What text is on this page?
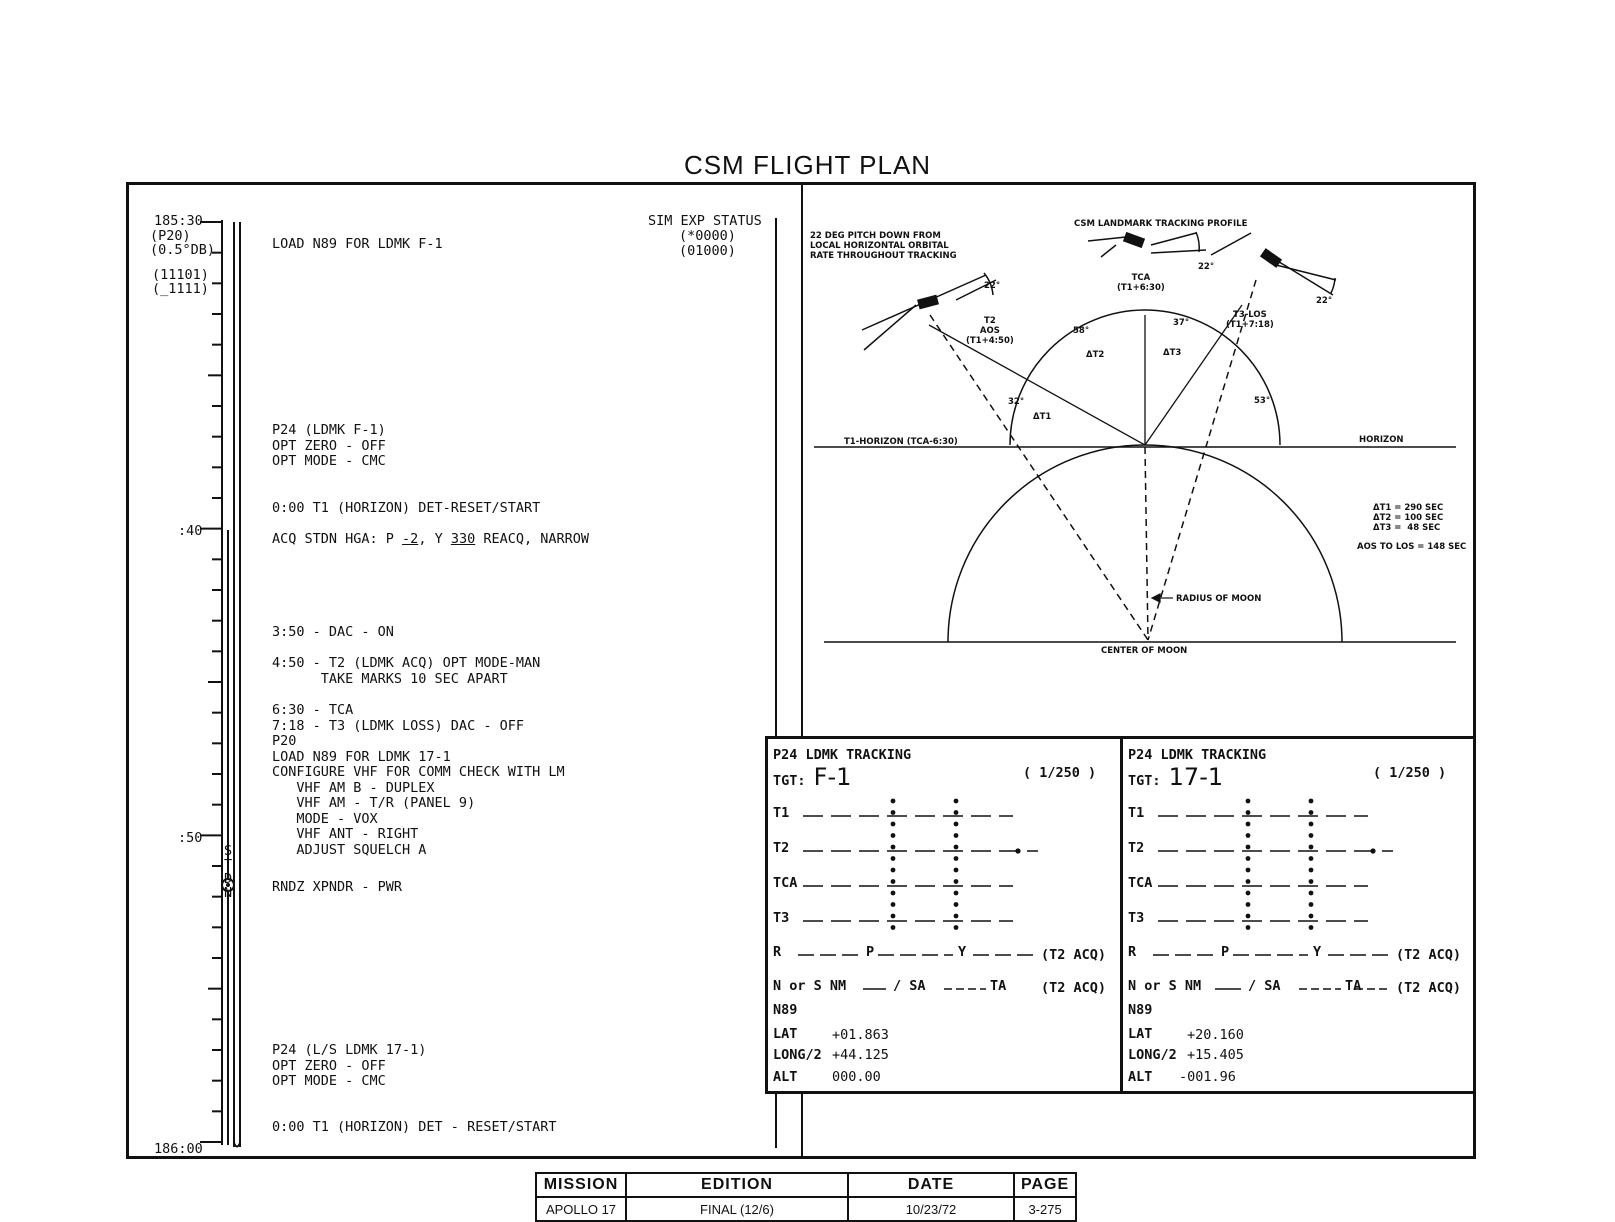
CSM FLIGHT PLAN
185:30
(P20)
(0.5°DB)
(11101)
(_1111)
:40
:50
186:00

S
T
D
N

SIM EXP STATUS
(*0000)
(01000)
LOAD N89 FOR LDMK F-1
P24 (LDMK F-1)
OPT ZERO - OFF
OPT MODE - CMC
0:00 T1 (HORIZON) DET-RESET/START
ACQ STDN HGA: P -2, Y 330 REACQ, NARROW
3:50 - DAC - ON
4:50 - T2 (LDMK ACQ) OPT MODE-MAN
TAKE MARKS 10 SEC APART
6:30 - TCA
7:18 - T3 (LDMK LOSS) DAC - OFF
P20
LOAD N89 FOR LDMK 17-1
CONFIGURE VHF FOR COMM CHECK WITH LM
VHF AM B - DUPLEX
VHF AM - T/R (PANEL 9)
MODE - VOX
VHF ANT - RIGHT
ADJUST SQUELCH A
RNDZ XPNDR - PWR
P24 (L/S LDMK 17-1)
OPT ZERO - OFF
OPT MODE - CMC
0:00 T1 (HORIZON) DET - RESET/START
22 DEG PITCH DOWN FROM
LOCAL HORIZONTAL ORBITAL
RATE THROUGHOUT TRACKING
CSM LANDMARK TRACKING PROFILE
22°
22°
22°
TCA
(T1+6:30)
T2
AOS
(T1+4:50)
T3-LOS
(T1+7:18)
58°
37°
32°	53°
ΔT1
ΔT2	ΔT3
T1-HORIZON (TCA-6:30)	HORIZON
ΔT1 = 290 SEC
ΔT2 = 100 SEC
ΔT3 =  48 SEC
AOS TO LOS = 148 SEC
RADIUS OF MOON
CENTER OF MOON
P24 LDMK TRACKING
TGT: F-1	( 1/250 )
T1
T2
TCA
T3
R	P	Y	(T2 ACQ)
N or S NM	/ SA	TA	(T2 ACQ)
N89
LAT	+01.863
LONG/2 +44.125
ALT	000.00
P24 LDMK TRACKING
TGT: 17-1	( 1/250 )
T1
T2
TCA
T3
R	P	Y	(T2 ACQ)
N or S NM	/ SA	TA	(T2 ACQ)
N89
LAT	+20.160
LONG/2 +15.405
ALT -001.96
MISSION	EDITION	DATE	PAGE
APOLLO 17	FINAL (12/6)	10/23/72	3-275
